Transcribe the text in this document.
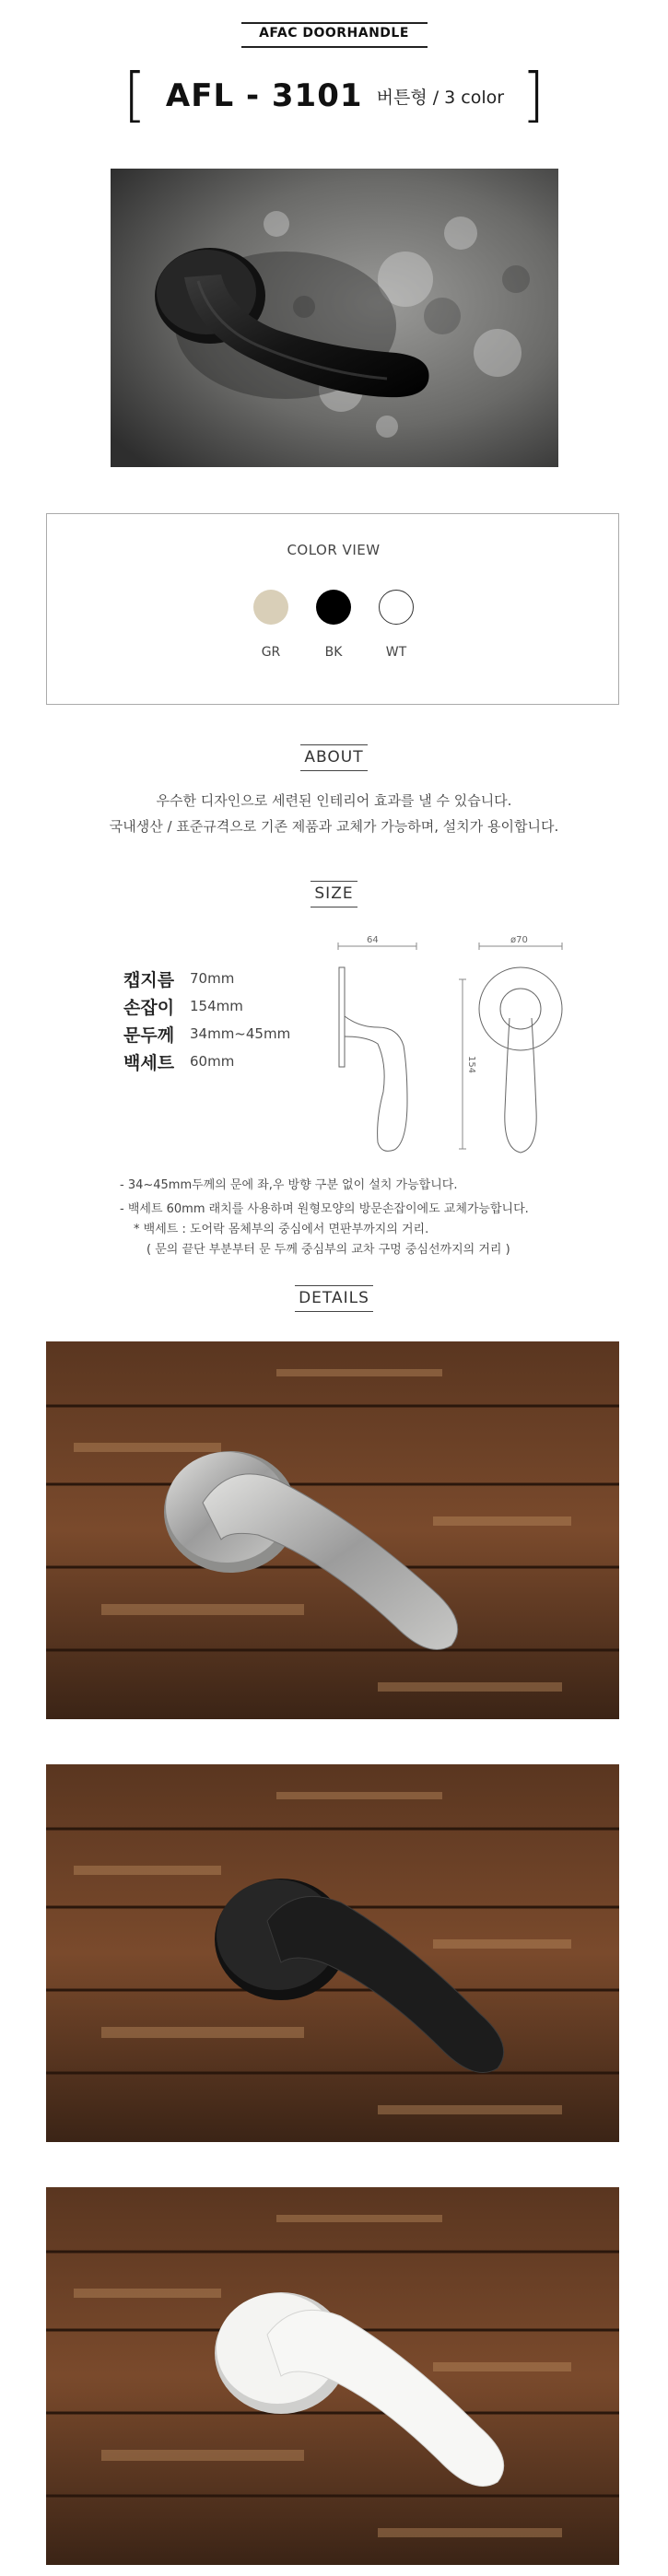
AFAC DOORHANDLE
[ AFL - 3101 버튼형 / 3 color ]
COLOR VIEW
GR	BK	WT
ABOUT
우수한 디자인으로 세련된 인테리어 효과를 낼 수 있습니다.
국내생산 / 표준규격으로 기존 제품과 교체가 가능하며, 설치가 용이합니다.
SIZE
캡지름 70mm
손잡이 154mm
문두께 34mm~45mm
백세트 60mm
64	ø70
154
- 34~45mm두께의 문에 좌,우 방향 구분 없이 설치 가능합니다.
- 백세트 60mm 래치를 사용하며 원형모양의 방문손잡이에도 교체가능합니다.
* 백세트 : 도어락 몸체부의 중심에서 면판부까지의 거리.
( 문의 끝단 부분부터 문 두께 중심부의 교차 구멍 중심선까지의 거리 )
DETAILS
